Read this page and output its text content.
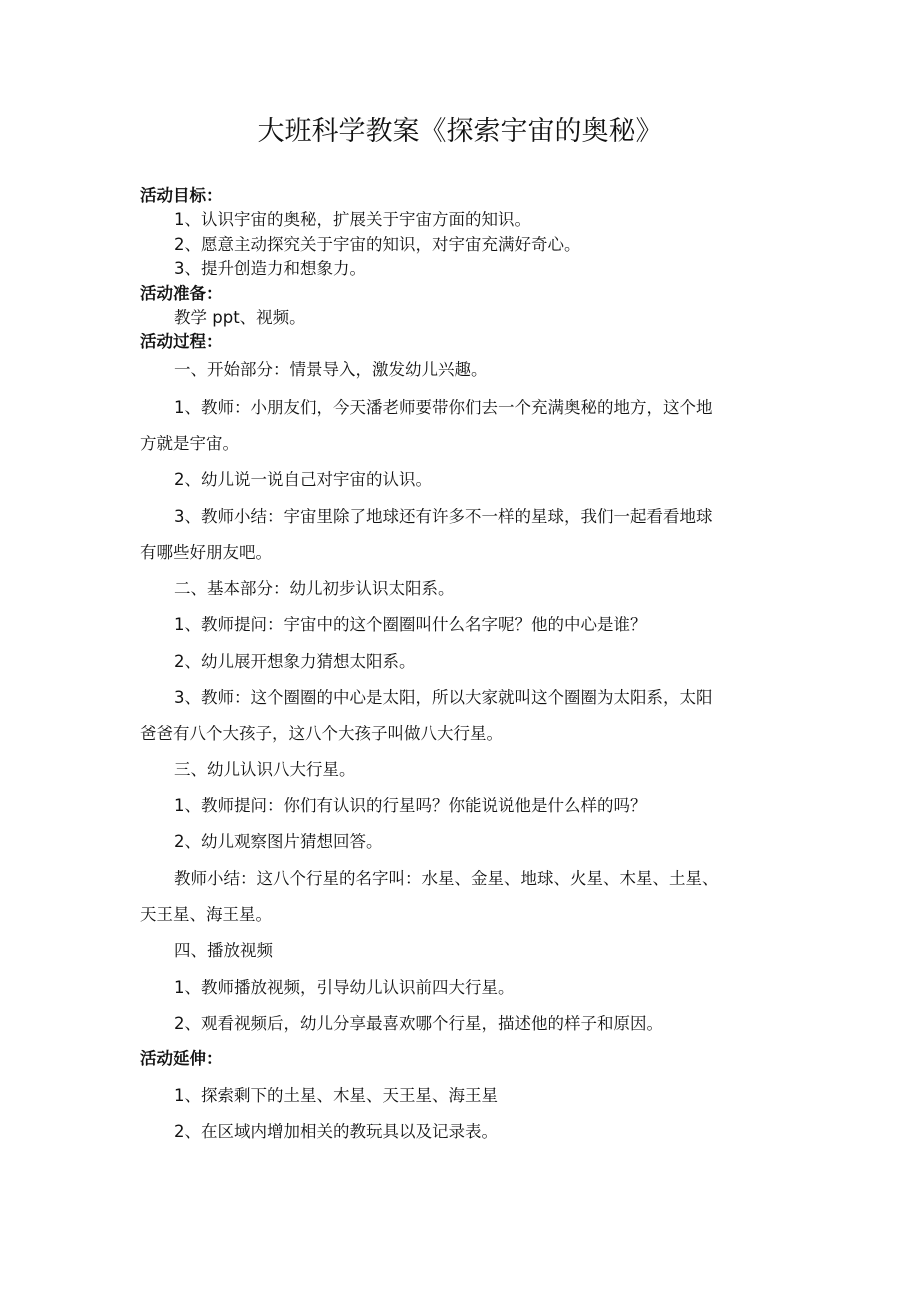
大班科学教案《探索宇宙的奥秘》

活动目标：

1、认识宇宙的奥秘，扩展关于宇宙方面的知识。

2、愿意主动探究关于宇宙的知识，对宇宙充满好奇心。

3、提升创造力和想象力。

活动准备：

教学 ppt、视频。

活动过程：

一、开始部分：情景导入，激发幼儿兴趣。

1、教师：小朋友们，今天潘老师要带你们去一个充满奥秘的地方，这个地

方就是宇宙。

2、幼儿说一说自己对宇宙的认识。

3、教师小结：宇宙里除了地球还有许多不一样的星球，我们一起看看地球

有哪些好朋友吧。

二、基本部分：幼儿初步认识太阳系。

1、教师提问：宇宙中的这个圈圈叫什么名字呢？他的中心是谁？

2、幼儿展开想象力猜想太阳系。

3、教师：这个圈圈的中心是太阳，所以大家就叫这个圈圈为太阳系，太阳

爸爸有八个大孩子，这八个大孩子叫做八大行星。

三、幼儿认识八大行星。

1、教师提问：你们有认识的行星吗？你能说说他是什么样的吗？

2、幼儿观察图片猜想回答。

教师小结：这八个行星的名字叫：水星、金星、地球、火星、木星、土星、

天王星、海王星。

四、播放视频

1、教师播放视频，引导幼儿认识前四大行星。

2、观看视频后，幼儿分享最喜欢哪个行星，描述他的样子和原因。

活动延伸：

1、探索剩下的土星、木星、天王星、海王星

2、在区域内增加相关的教玩具以及记录表。
